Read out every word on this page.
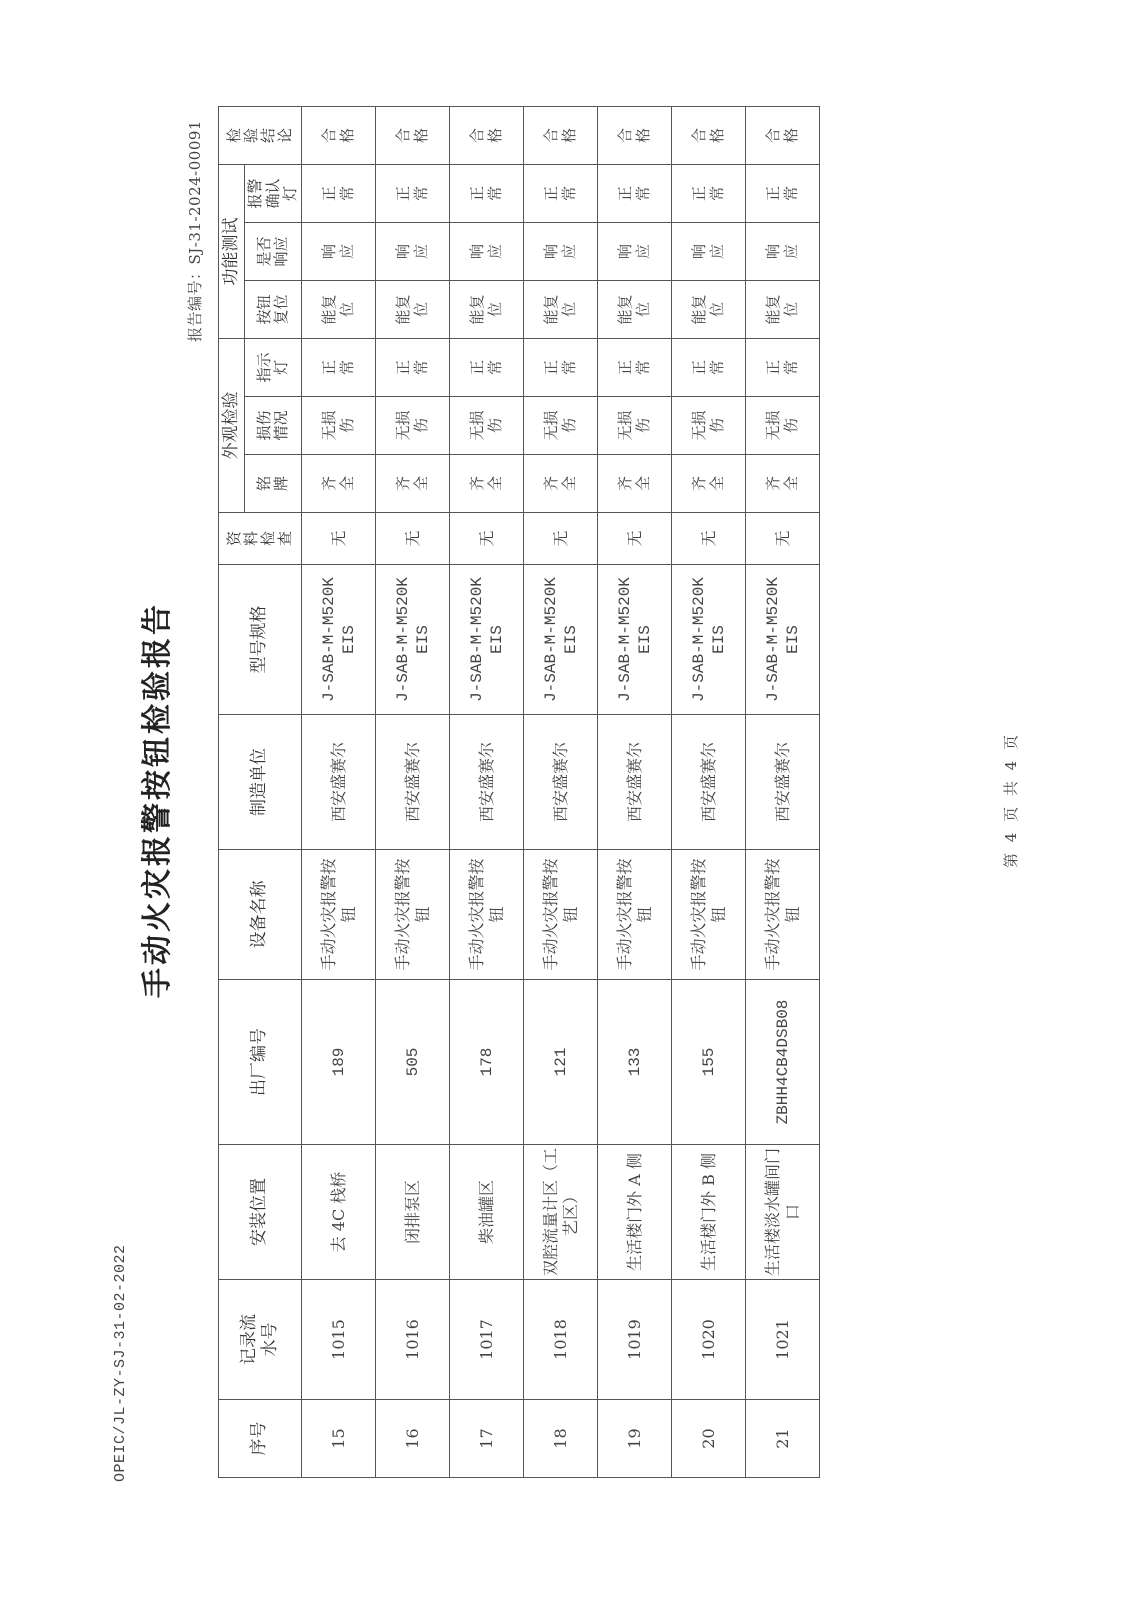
OPEIC/JL-ZY-SJ-31-02-2022
手动火灾报警按钮检验报告
报告编号：SJ-31-2024-00091
序号	记录流水号	安装位置	出厂编号	设备名称	制造单位	型号规格	资料检查	外观检验			功能测试			检验结论
								铭牌	损伤情况	指示灯	按钮复位	是否响应	报警确认灯	
15	1015	去 4C 栈桥	189	手动火灾报警按钮	西安盛赛尔	J-SAB-M-M520K EIS	无	齐全	无损伤	正常	能复位	响应	正常	合格
16	1016	闭排泵区	505	手动火灾报警按钮	西安盛赛尔	J-SAB-M-M520K EIS	无	齐全	无损伤	正常	能复位	响应	正常	合格
17	1017	柴油罐区	178	手动火灾报警按钮	西安盛赛尔	J-SAB-M-M520K EIS	无	齐全	无损伤	正常	能复位	响应	正常	合格
18	1018	双腔流量计区（工艺区）	121	手动火灾报警按钮	西安盛赛尔	J-SAB-M-M520K EIS	无	齐全	无损伤	正常	能复位	响应	正常	合格
19	1019	生活楼门外 A 侧	133	手动火灾报警按钮	西安盛赛尔	J-SAB-M-M520K EIS	无	齐全	无损伤	正常	能复位	响应	正常	合格
20	1020	生活楼门外 B 侧	155	手动火灾报警按钮	西安盛赛尔	J-SAB-M-M520K EIS	无	齐全	无损伤	正常	能复位	响应	正常	合格
21	1021	生活楼淡水罐间门口	ZBHH4CB4DSB08	手动火灾报警按钮	西安盛赛尔	J-SAB-M-M520K EIS	无	齐全	无损伤	正常	能复位	响应	正常	合格
第 4 页 共 4 页
